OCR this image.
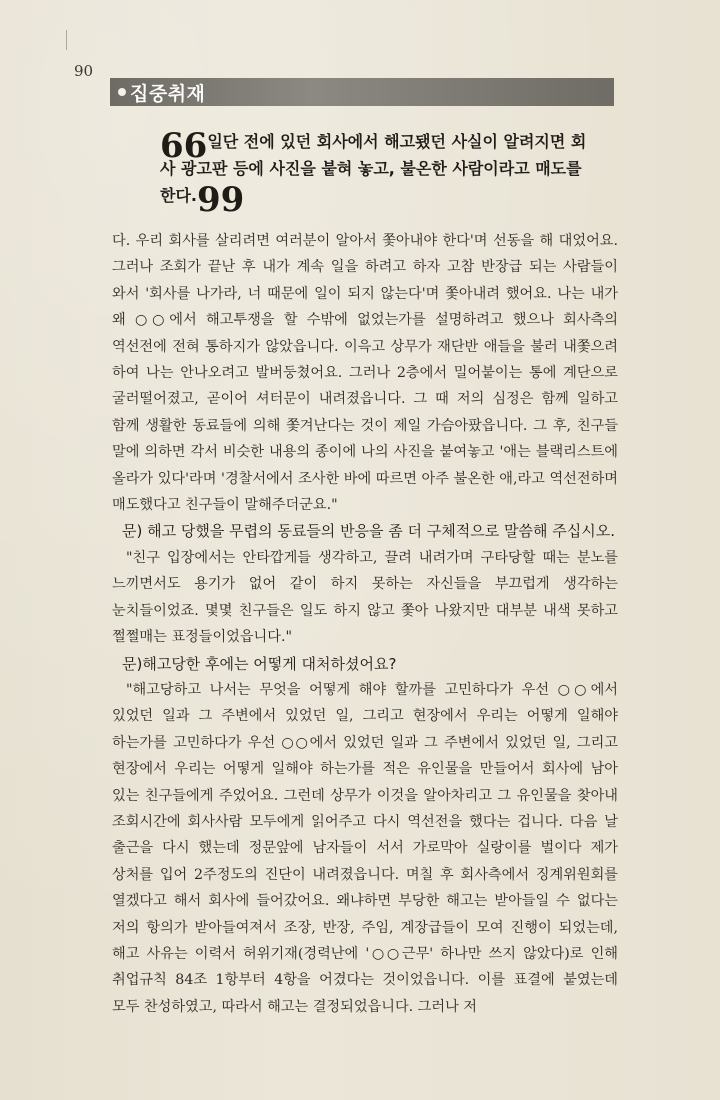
90
집중취재
66일단 전에 있던 회사에서 해고됐던 사실이 알려지면 회사 광고판 등에 사진을 붙혀 놓고, 불온한 사람이라고 매도를 한다.99

다. 우리 회사를 살리려면 여러분이 알아서 쫓아내야 한다'며 선동을 해 대었어요. 그러나 조회가 끝난 후 내가 계속 일을 하려고 하자 고참 반장급 되는 사람들이 와서 '회사를 나가라, 너 때문에 일이 되지 않는다'며 쫓아내려 했어요. 나는 내가 왜 ○○에서 해고투쟁을 할 수밖에 없었는가를 설명하려고 했으나 회사측의 역선전에 전혀 통하지가 않았읍니다. 이윽고 상무가 재단반 애들을 불러 내쫓으려 하여 나는 안나오려고 발버둥쳤어요. 그러나 2층에서 밀어붙이는 통에 계단으로 굴러떨어졌고, 곧이어 셔터문이 내려졌읍니다. 그 때 저의 심정은 함께 일하고 함께 생활한 동료들에 의해 쫓겨난다는 것이 제일 가슴아팠읍니다. 그 후, 친구들 말에 의하면 각서 비슷한 내용의 종이에 나의 사진을 붙여놓고 '애는 블랙리스트에 올라가 있다'라며 '경찰서에서 조사한 바에 따르면 아주 불온한 애,라고 역선전하며 매도했다고 친구들이 말해주더군요."

문) 해고 당했을 무렵의 동료들의 반응을 좀 더 구체적으로 말씀해 주십시오.

"친구 입장에서는 안타깝게들 생각하고, 끌려 내려가며 구타당할 때는 분노를 느끼면서도 용기가 없어 같이 하지 못하는 자신들을 부끄럽게 생각하는 눈치들이었죠. 몇몇 친구들은 일도 하지 않고 쫓아 나왔지만 대부분 내색 못하고 쩔쩔매는 표정들이었읍니다."

문)해고당한 후에는 어떻게 대처하셨어요?

"해고당하고 나서는 무엇을 어떻게 해야 할까를 고민하다가 우선 ○○에서 있었던 일과 그 주변에서 있었던 일, 그리고 현장에서 우리는 어떻게 일해야 하는가를 고민하다가 우선 ○○에서 있었던 일과 그 주변에서 있었던 일, 그리고 현장에서 우리는 어떻게 일해야 하는가를 적은 유인물을 만들어서 회사에 남아 있는 친구들에게 주었어요. 그런데 상무가 이것을 알아차리고 그 유인물을 찾아내 조회시간에 회사사람 모두에게 읽어주고 다시 역선전을 했다는 겁니다. 다음 날 출근을 다시 했는데 정문앞에 남자들이 서서 가로막아 실랑이를 벌이다 제가 상처를 입어 2주정도의 진단이 내려졌읍니다. 며칠 후 회사측에서 징계위원회를 열겠다고 해서 회사에 들어갔어요. 왜냐하면 부당한 해고는 받아들일 수 없다는 저의 항의가 받아들여져서 조장, 반장, 주임, 계장급들이 모여 진행이 되었는데, 해고 사유는 이력서 허위기재(경력난에 '○○근무' 하나만 쓰지 않았다)로 인해 취업규칙 84조 1항부터 4항을 어겼다는 것이었읍니다. 이를 표결에 붙였는데 모두 찬성하였고, 따라서 해고는 결정되었읍니다. 그러나 저
